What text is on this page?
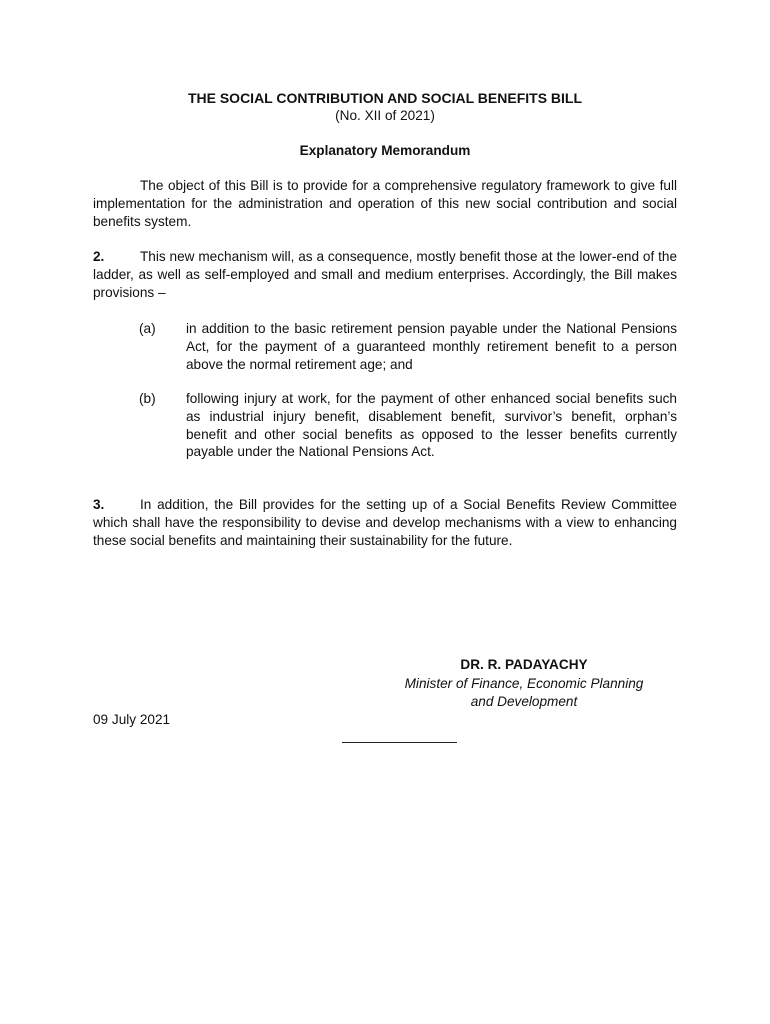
THE SOCIAL CONTRIBUTION AND SOCIAL BENEFITS BILL
(No. XII of 2021)
Explanatory Memorandum
The object of this Bill is to provide for a comprehensive regulatory framework to give full implementation for the administration and operation of this new social contribution and social benefits system.
2.	This new mechanism will, as a consequence, mostly benefit those at the lower-end of the ladder, as well as self-employed and small and medium enterprises. Accordingly, the Bill makes provisions –
(a)	in addition to the basic retirement pension payable under the National Pensions Act, for the payment of a guaranteed monthly retirement benefit to a person above the normal retirement age; and
(b)	following injury at work, for the payment of other enhanced social benefits such as industrial injury benefit, disablement benefit, survivor’s benefit, orphan’s benefit and other social benefits as opposed to the lesser benefits currently payable under the National Pensions Act.
3.	In addition, the Bill provides for the setting up of a Social Benefits Review Committee which shall have the responsibility to devise and develop mechanisms with a view to enhancing these social benefits and maintaining their sustainability for the future.
DR. R. PADAYACHY
Minister of Finance, Economic Planning
and Development
09 July 2021
